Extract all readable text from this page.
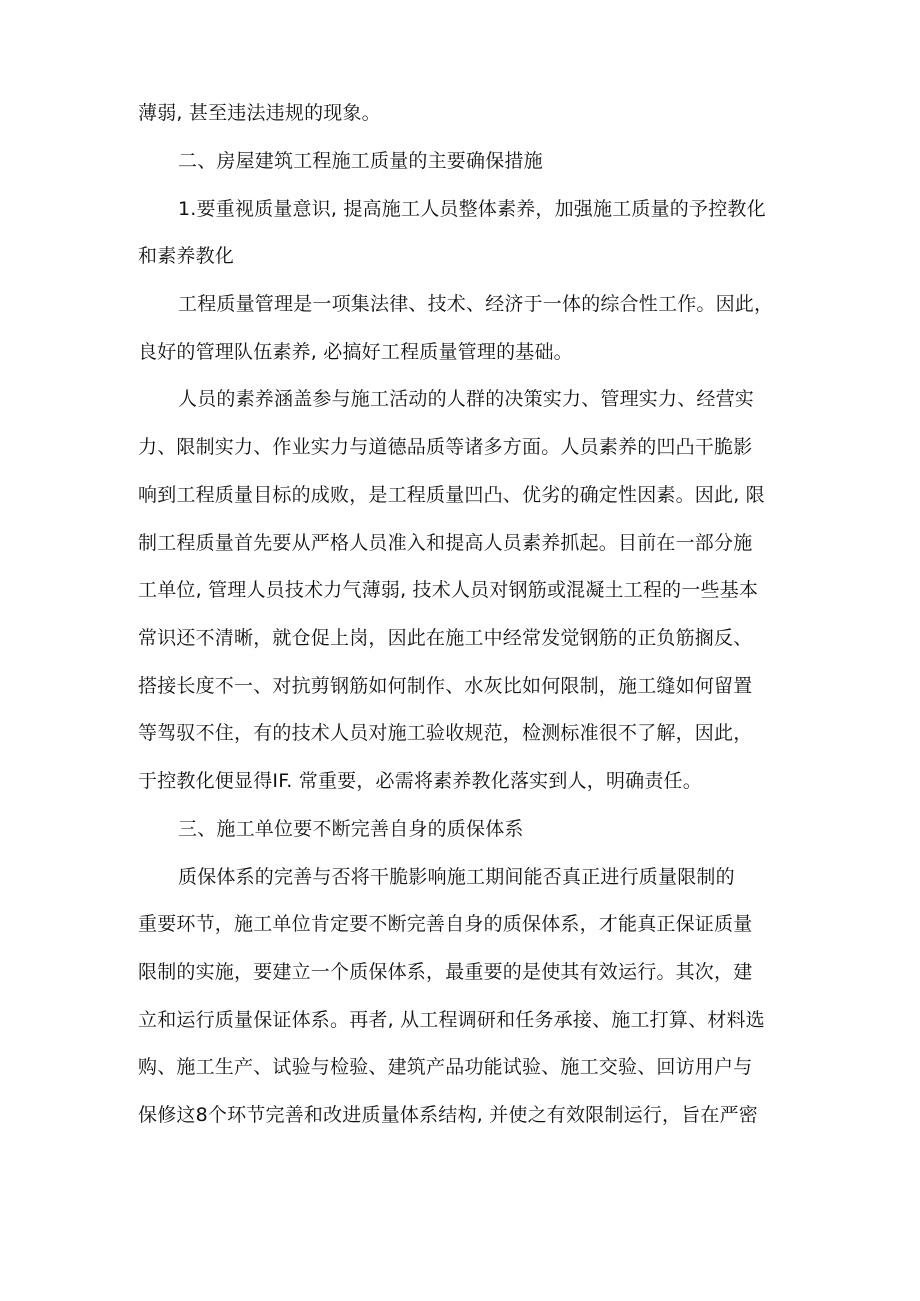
薄弱, 甚至违法违规的现象。
二、房屋建筑工程施工质量的主要确保措施
1.要重视质量意识, 提高施工人员整体素养，加强施工质量的予控教化
和素养教化
工程质量管理是一项集法律、技术、经济于一体的综合性工作。因此，
良好的管理队伍素养, 必搞好工程质量管理的基础。
人员的素养涵盖参与施工活动的人群的决策实力、管理实力、经营实
力、限制实力、作业实力与道德品质等诸多方面。人员素养的凹凸干脆影
响到工程质量目标的成败，是工程质量凹凸、优劣的确定性因素。因此, 限
制工程质量首先要从严格人员准入和提高人员素养抓起。目前在一部分施
工单位, 管理人员技术力气薄弱, 技术人员对钢筋或混凝土工程的一些基本
常识还不清晰，就仓促上岗，因此在施工中经常发觉钢筋的正负筋搁反、
搭接长度不一、对抗剪钢筋如何制作、水灰比如何限制，施工缝如何留置
等驾驭不住，有的技术人员对施工验收规范，检测标准很不了解，因此，
于控教化便显得IF. 常重要，必需将素养教化落实到人，明确责任。
三、施工单位要不断完善自身的质保体系
质保体系的完善与否将干脆影响施工期间能否真正进行质量限制的
重要环节，施工单位肯定要不断完善自身的质保体系，才能真正保证质量
限制的实施，要建立一个质保体系，最重要的是使其有效运行。其次，建
立和运行质量保证体系。再者, 从工程调研和任务承接、施工打算、材料选
购、施工生产、试验与检验、建筑产品功能试验、施工交验、回访用户与
保修这8个环节完善和改进质量体系结构, 并使之有效限制运行，旨在严密
